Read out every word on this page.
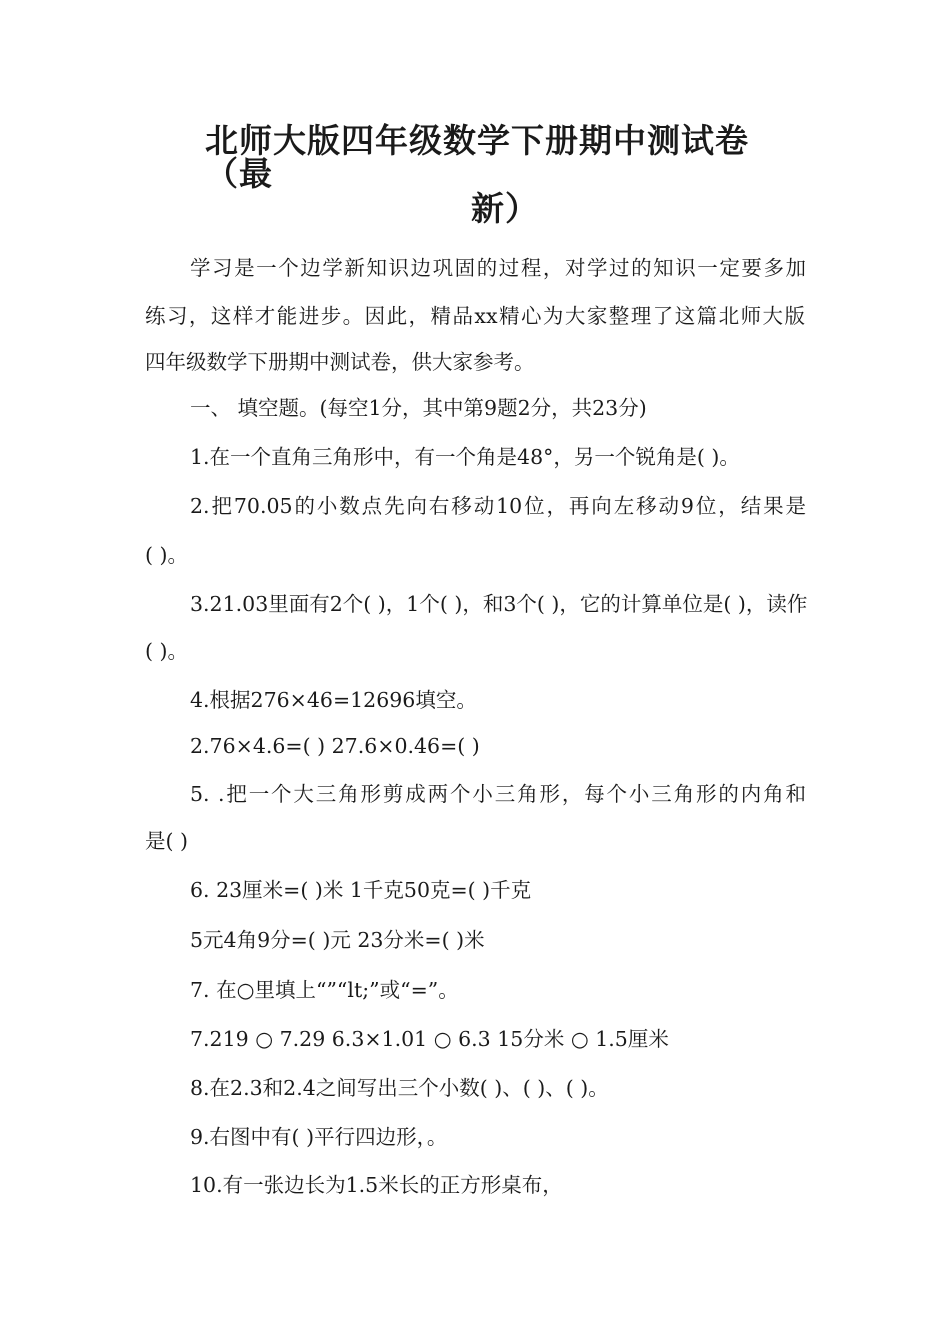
北师大版四年级数学下册期中测试卷（最
新）
学习是一个边学新知识边巩固的过程，对学过的知识一定要多加
练习，这样才能进步。因此，精品xx精心为大家整理了这篇北师大版
四年级数学下册期中测试卷，供大家参考。
一、 填空题。(每空1分，其中第9题2分，共23分)
1.在一个直角三角形中，有一个角是48°，另一个锐角是( )。
2.把70.05的小数点先向右移动10位，再向左移动9位，结果是
( )。
3.21.03里面有2个( )，1个( )，和3个( )，它的计算单位是( )，读作
( )。
4.根据276×46=12696填空。
2.76×4.6=( ) 27.6×0.46=( )
5. .把一个大三角形剪成两个小三角形，每个小三角形的内角和
是( )
6. 23厘米=( )米 1千克50克=( )千克
5元4角9分=( )元 23分米=( )米
7. 在○里填上“”“lt;”或“=”。
7.219 ○ 7.29 6.3×1.01 ○ 6.3 15分米 ○ 1.5厘米
8.在2.3和2.4之间写出三个小数( )、( )、( )。
9.右图中有( )平行四边形，。
10.有一张边长为1.5米长的正方形桌布，
